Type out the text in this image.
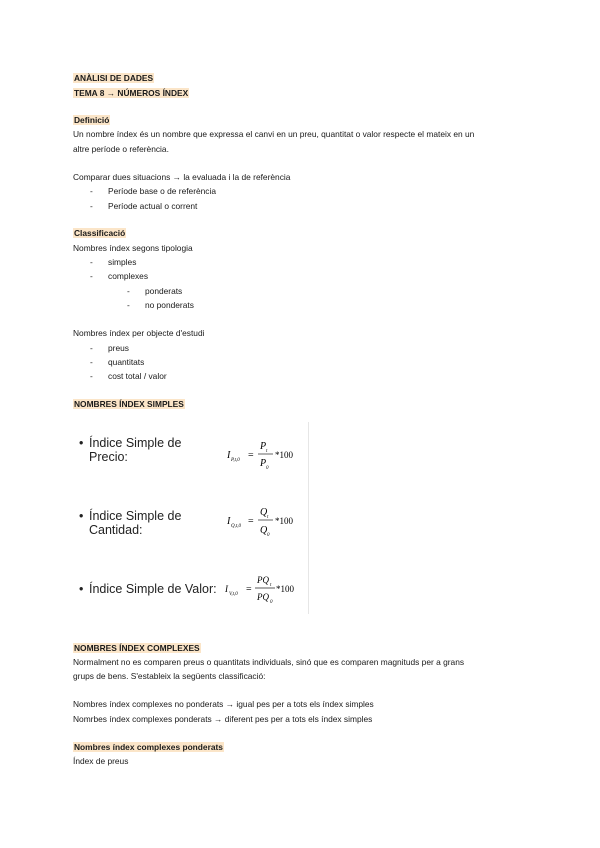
ANÀLISI DE DADES
TEMA 8 → NÚMEROS ÍNDEX
Definició
Un nombre índex és un nombre que expressa el canvi en un preu, quantitat o valor respecte el mateix en un
altre període o referència.
Comparar dues situacions → la evaluada i la de referència
- Període base o de referència
- Període actual o corrent
Classificació
Nombres índex segons tipologia
- simples
- complexes
- ponderats
- no ponderats
Nombres índex per objecte d'estudi
- preus
- quantitats
- cost total / valor
NOMBRES ÍNDEX SIMPLES
• Índice Simple de
Precio:	I P,t,0 =
P t
P 0
*100
• Índice Simple de
Cantidad:
I Q,t,0 =
Q t
Q 0
*100
• Índice Simple de Valor: I
V,t,0 =
PQ
t
PQ
0
*100
NOMBRES ÍNDEX COMPLEXES
Normalment no es comparen preus o quantitats individuals, sinó que es comparen magnituds per a grans
grups de bens. S'estableix la següents classificació:
Nombres índex complexes no ponderats → igual pes per a tots els índex simples
Nomrbes índex complexes ponderats → diferent pes per a tots els índex simples
Nombres índex complexes ponderats
Índex de preus
